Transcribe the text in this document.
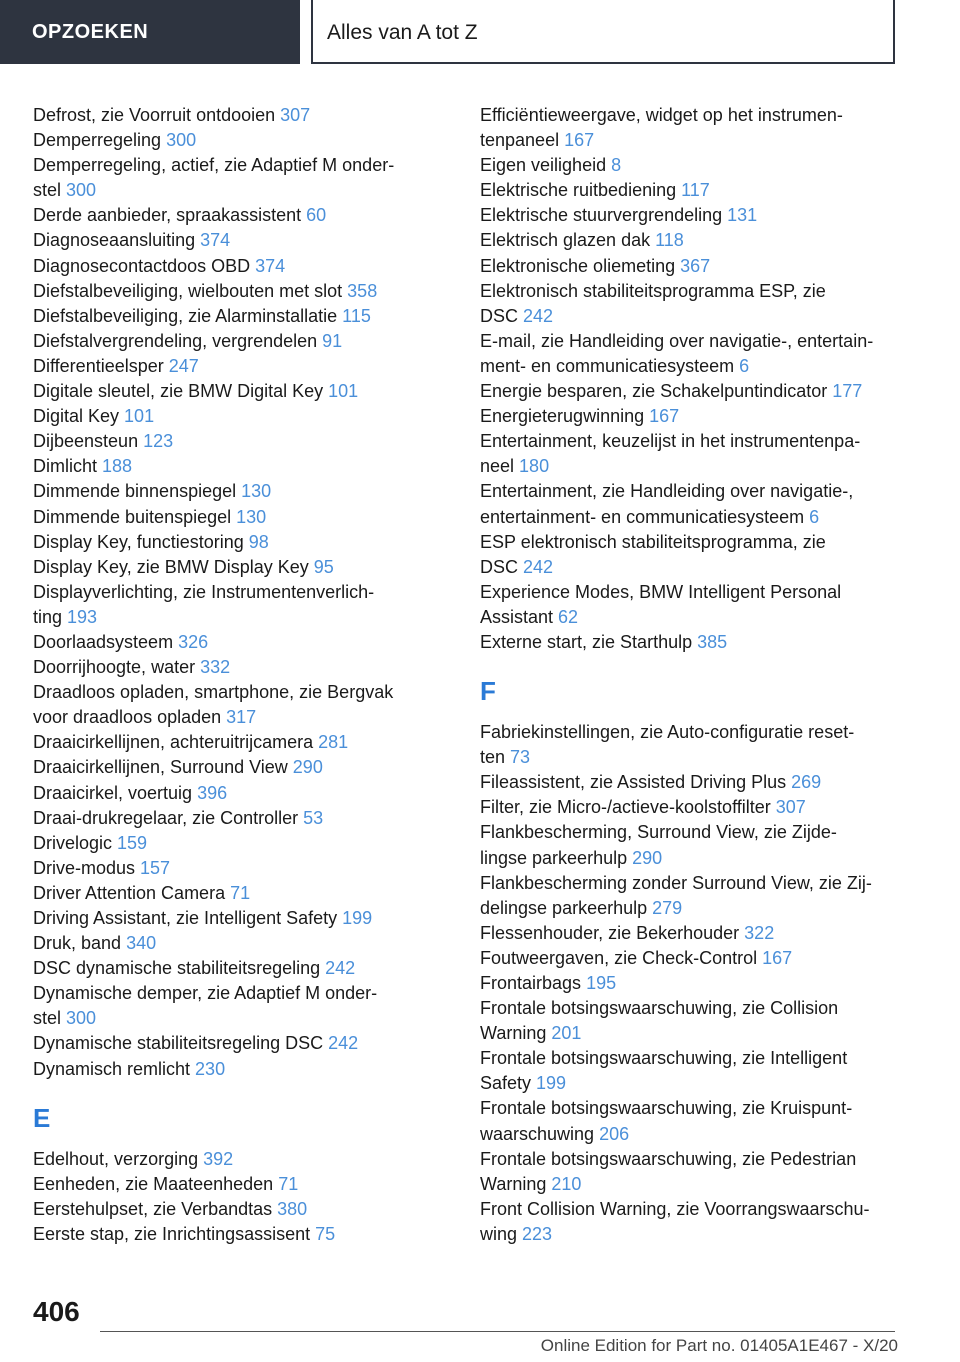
OPZOEKEN	Alles van A tot Z
Defrost, zie Voorruit ontdooien 307
Demperregeling 300
Demperregeling, actief, zie Adaptief M onder-
stel 300
Derde aanbieder, spraakassistent 60
Diagnoseaansluiting 374
Diagnosecontactdoos OBD 374
Diefstalbeveiliging, wielbouten met slot 358
Diefstalbeveiliging, zie Alarminstallatie 115
Diefstalvergrendeling, vergrendelen 91
Differentieelsper 247
Digitale sleutel, zie BMW Digital Key 101
Digital Key 101
Dijbeensteun 123
Dimlicht 188
Dimmende binnenspiegel 130
Dimmende buitenspiegel 130
Display Key, functiestoring 98
Display Key, zie BMW Display Key 95
Displayverlichting, zie Instrumentenverlich-
ting 193
Doorlaadsysteem 326
Doorrijhoogte, water 332
Draadloos opladen, smartphone, zie Bergvak
voor draadloos opladen 317
Draaicirkellijnen, achteruitrijcamera 281
Draaicirkellijnen, Surround View 290
Draaicirkel, voertuig 396
Draai-drukregelaar, zie Controller 53
Drivelogic 159
Drive-modus 157
Driver Attention Camera 71
Driving Assistant, zie Intelligent Safety 199
Druk, band 340
DSC dynamische stabiliteitsregeling 242
Dynamische demper, zie Adaptief M onder-
stel 300
Dynamische stabiliteitsregeling DSC 242
Dynamisch remlicht 230
E
Edelhout, verzorging 392
Eenheden, zie Maateenheden 71
Eerstehulpset, zie Verbandtas 380
Eerste stap, zie Inrichtingsassisent 75
Efficiëntieweergave, widget op het instrumen-
tenpaneel 167
Eigen veiligheid 8
Elektrische ruitbediening 117
Elektrische stuurvergrendeling 131
Elektrisch glazen dak 118
Elektronische oliemeting 367
Elektronisch stabiliteitsprogramma ESP, zie
DSC 242
E-mail, zie Handleiding over navigatie-, entertain-
ment- en communicatiesysteem 6
Energie besparen, zie Schakelpuntindicator 177
Energieterugwinning 167
Entertainment, keuzelijst in het instrumentenpa-
neel 180
Entertainment, zie Handleiding over navigatie-,
entertainment- en communicatiesysteem 6
ESP elektronisch stabiliteitsprogramma, zie
DSC 242
Experience Modes, BMW Intelligent Personal
Assistant 62
Externe start, zie Starthulp 385
F
Fabriekinstellingen, zie Auto-configuratie reset-
ten 73
Fileassistent, zie Assisted Driving Plus 269
Filter, zie Micro-/actieve-koolstoffilter 307
Flankbescherming, Surround View, zie Zijde-
lingse parkeerhulp 290
Flankbescherming zonder Surround View, zie Zij-
delingse parkeerhulp 279
Flessenhouder, zie Bekerhouder 322
Foutweergaven, zie Check-Control 167
Frontairbags 195
Frontale botsingswaarschuwing, zie Collision
Warning 201
Frontale botsingswaarschuwing, zie Intelligent
Safety 199
Frontale botsingswaarschuwing, zie Kruispunt-
waarschuwing 206
Frontale botsingswaarschuwing, zie Pedestrian
Warning 210
Front Collision Warning, zie Voorrangswaarschu-
wing 223
406
Online Edition for Part no. 01405A1E467 - X/20
